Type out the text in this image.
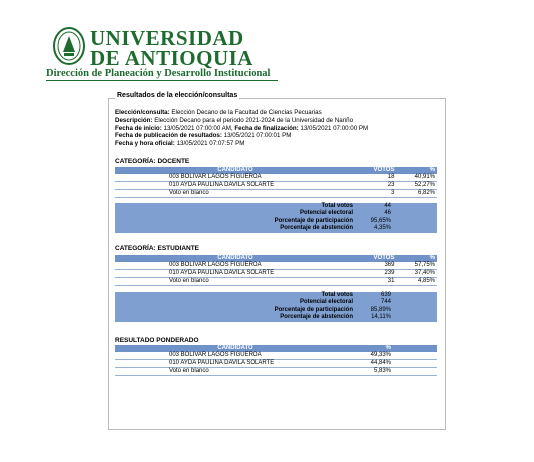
UNIVERSIDAD
DE ANTIOQUIA
Dirección de Planeación y Desarrollo Institucional
Resultados de la elección/consultas
Elección/consulta: Elección Decano de la Facultad de Ciencias Pecuarias
Descripción: Elección Decano para el periodo 2021-2024 de la Universidad de Nariño
Fecha de inicio: 13/05/2021 07:00:00 AM, Fecha de finalización: 13/05/2021 07:00:00 PM
Fecha de publicación de resultados: 13/05/2021 07:00:01 PM
Fecha y hora oficial: 13/05/2021 07:07:57 PM
CATEGORÍA: DOCENTE
CANDIDATO	VOTOS	%
003 BOLIVAR LAGOS FIGUEROA	18	40,91%
010 AYDA PAULINA DAVILA SOLARTE	23	52,27%
Voto en blanco	3	6,82%
Total votos	44	
Potencial electoral	46	
Porcentaje de participación	95,65%	
Porcentaje de abstención	4,35%	
CATEGORÍA: ESTUDIANTE
CANDIDATO	VOTOS	%
003 BOLIVAR LAGOS FIGUEROA	369	57,75%
010 AYDA PAULINA DAVILA SOLARTE	239	37,40%
Voto en blanco	31	4,85%
Total votos	639	
Potencial electoral	744	
Porcentaje de participación	85,89%	
Porcentaje de abstención	14,11%	
RESULTADO PONDERADO
CANDIDATO	%	
003 BOLIVAR LAGOS FIGUEROA	49,33%	
010 AYDA PAULINA DAVILA SOLARTE	44,84%	
Voto en blanco	5,83%	
